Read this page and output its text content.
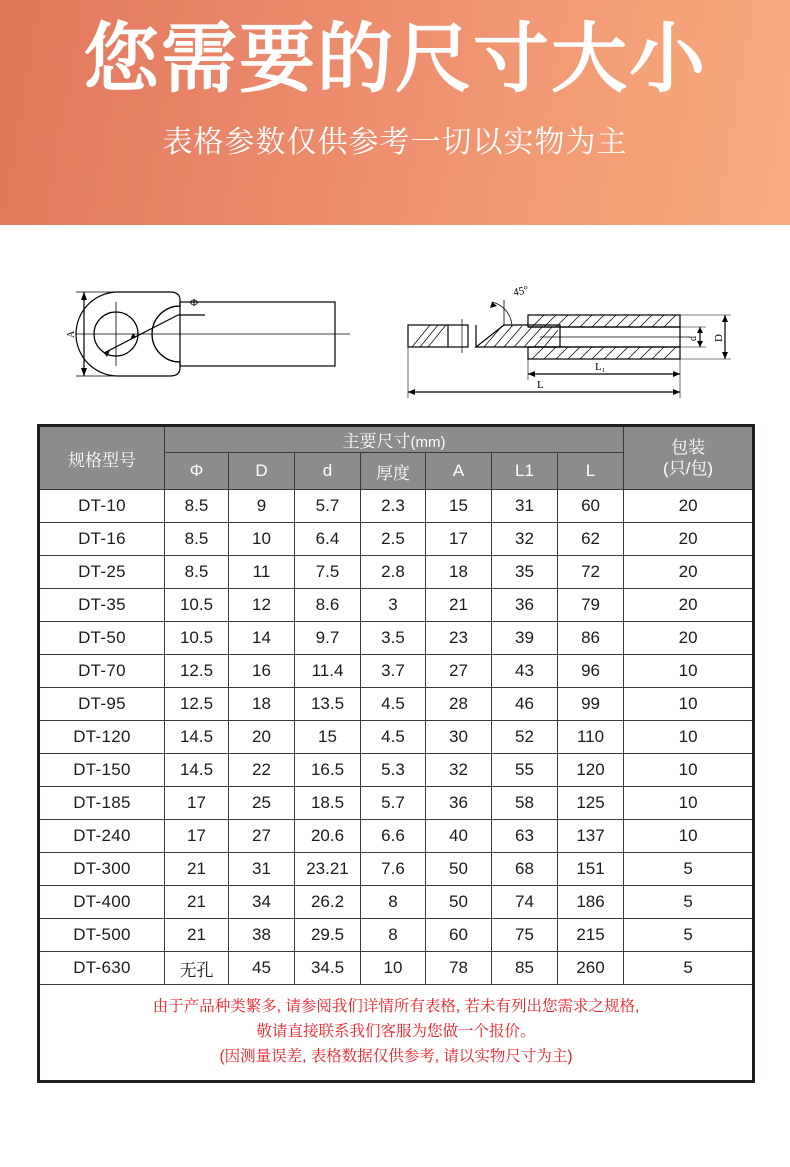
您需要的尺寸大小
表格参数仅供参考一切以实物为主
Φ
A
45°
d D
L₁
L
规格型号	主要尺寸(mm)							包装
(只/包)

	Φ	D	d	厚度	A	L1	L	
DT-10	8.5	9	5.7	2.3	15	31	60	20
DT-16	8.5	10	6.4	2.5	17	32	62	20
DT-25	8.5	11	7.5	2.8	18	35	72	20
DT-35	10.5	12	8.6	3	21	36	79	20
DT-50	10.5	14	9.7	3.5	23	39	86	20
DT-70	12.5	16	11.4	3.7	27	43	96	10
DT-95	12.5	18	13.5	4.5	28	46	99	10
DT-120	14.5	20	15	4.5	30	52	110	10
DT-150	14.5	22	16.5	5.3	32	55	120	10
DT-185	17	25	18.5	5.7	36	58	125	10
DT-240	17	27	20.6	6.6	40	63	137	10
DT-300	21	31	23.21	7.6	50	68	151	5
DT-400	21	34	26.2	8	50	74	186	5
DT-500	21	38	29.5	8	60	75	215	5
DT-630	无孔	45	34.5	10	78	85	260	5

由于产品种类繁多, 请参阅我们详情所有表格, 若未有列出您需求之规格,
敬请直接联系我们客服为您做一个报价。
(因测量误差, 表格数据仅供参考, 请以实物尺寸为主)								
